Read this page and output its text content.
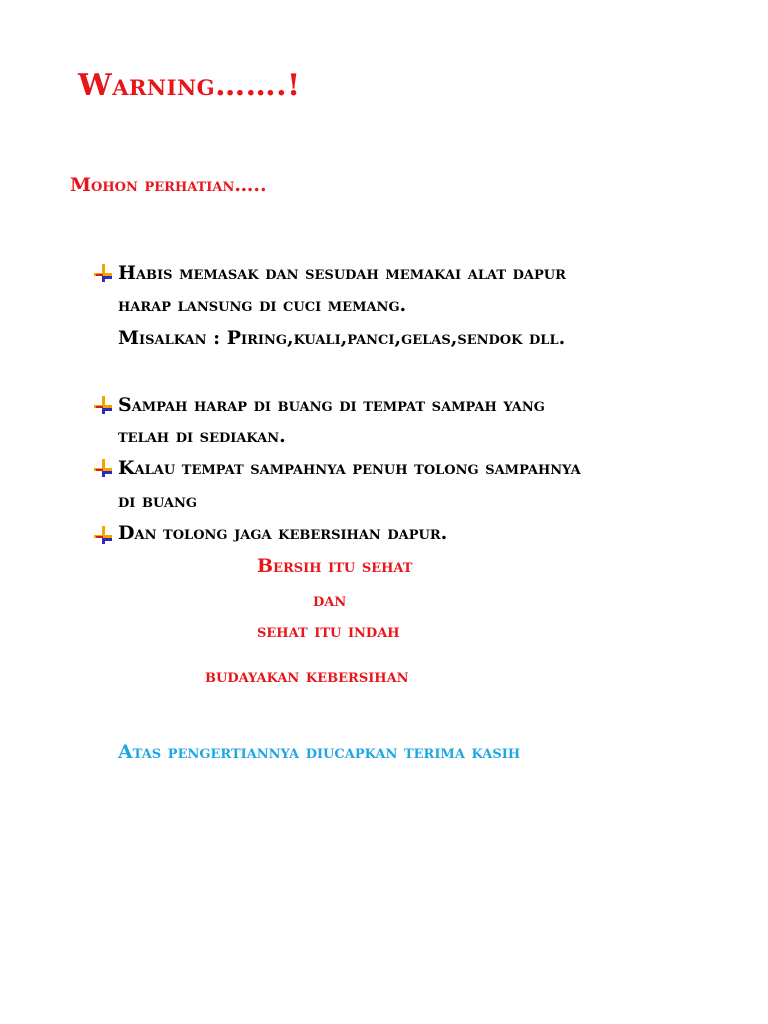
Warning…….!
Mohon perhatian…..
Habis memasak dan sesudah memakai alat dapur
harap lansung di cuci memang.
Misalkan : Piring,kuali,panci,gelas,sendok dll.
Sampah harap di buang di tempat sampah yang
telah di sediakan.
Kalau tempat sampahnya penuh tolong sampahnya
di buang
Dan tolong jaga kebersihan dapur.
Bersih itu sehat
dan
sehat itu indah
budayakan kebersihan
Atas pengertiannya diucapkan terima kasih
